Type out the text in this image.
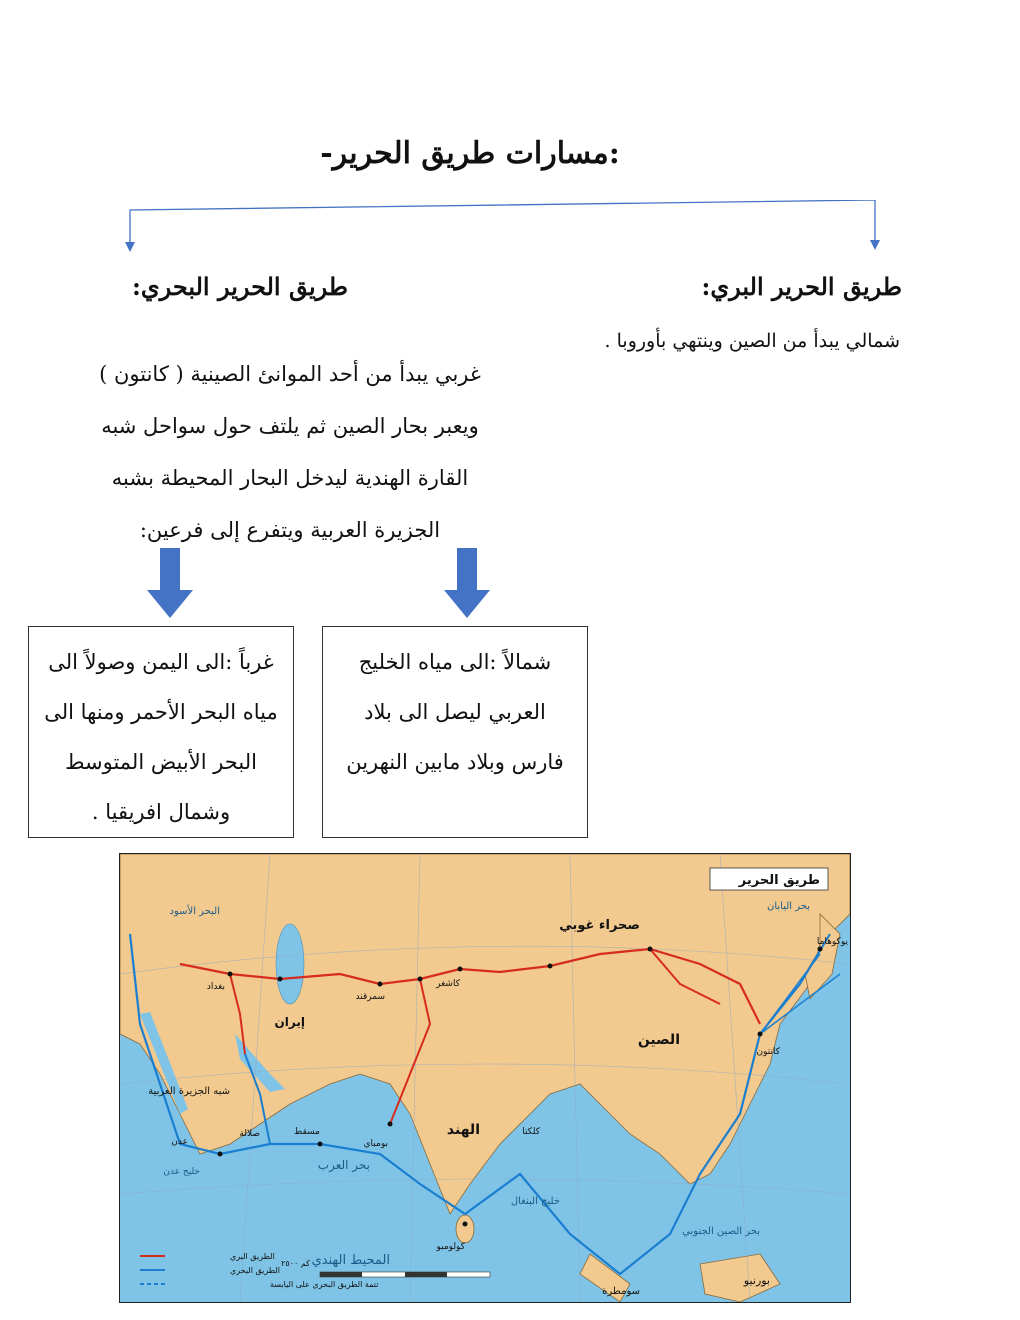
:مسارات طريق الحرير-
طريق الحرير البري:
شمالي يبدأ من الصين وينتهي بأوروبا .
طريق الحرير البحري:
غربي يبدأ من أحد الموانئ الصينية ( كانتون ) ويعبر بحار الصين ثم يلتف حول سواحل شبه القارة الهندية ليدخل البحار المحيطة بشبه الجزيرة العربية ويتفرع إلى فرعين:
شمالاً :الى مياه الخليج العربي ليصل الى بلاد فارس وبلاد مابين النهرين
غرباً :الى اليمن وصولاً الى مياه البحر الأحمر ومنها الى البحر الأبيض المتوسط وشمال افريقيا .
طريق الحرير
الصين
صحراء غوبي
الهند
إيران
شبه الجزيرة العربية
بحر العرب
المحيط الهندي
خليج البنغال
بحر الصين الجنوبي
بحر اليابان
بورنيو
سومطرة
البحر الأسود
خليج عدن
بغداد
سمرقند
كاشغر
بومباي
كولومبو
يوكوهاما
مسقط	كلكتا
عدن
صلالة
كانتون
الطريق البري
الطريق البحري
تتمة الطريق البحري على اليابسة
كم ٢٥٠٠
